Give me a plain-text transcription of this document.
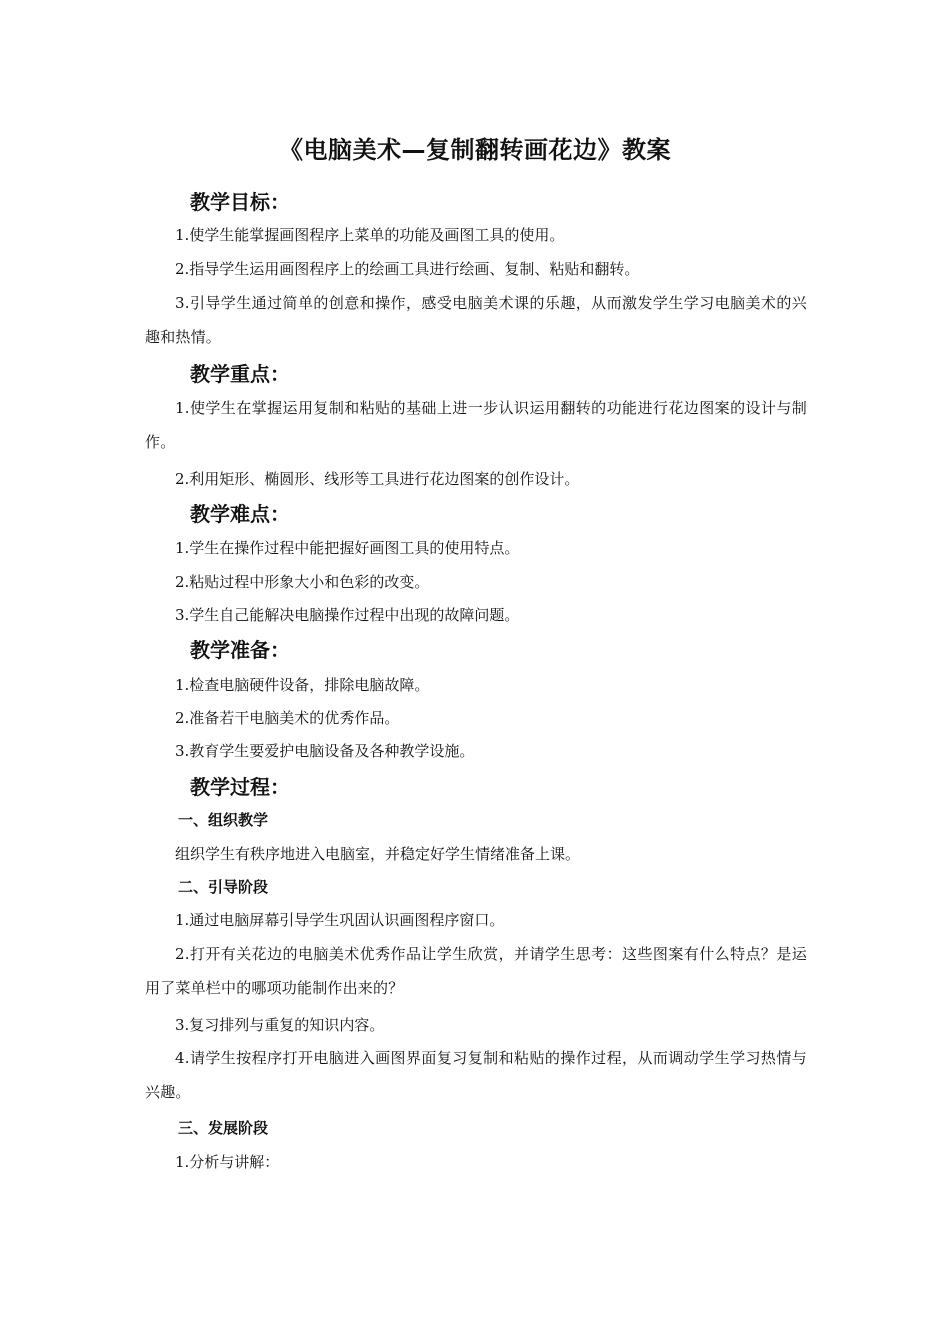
《电脑美术—复制翻转画花边》教案
教学目标：
1.使学生能掌握画图程序上菜单的功能及画图工具的使用。
2.指导学生运用画图程序上的绘画工具进行绘画、复制、粘贴和翻转。
3.引导学生通过简单的创意和操作，感受电脑美术课的乐趣，从而激发学生学习电脑美术的兴趣和热情。
教学重点：
1.使学生在掌握运用复制和粘贴的基础上进一步认识运用翻转的功能进行花边图案的设计与制作。
2.利用矩形、椭圆形、线形等工具进行花边图案的创作设计。
教学难点：
1.学生在操作过程中能把握好画图工具的使用特点。
2.粘贴过程中形象大小和色彩的改变。
3.学生自己能解决电脑操作过程中出现的故障问题。
教学准备：
1.检查电脑硬件设备，排除电脑故障。
2.准备若干电脑美术的优秀作品。
3.教育学生要爱护电脑设备及各种教学设施。
教学过程：
一、组织教学
组织学生有秩序地进入电脑室，并稳定好学生情绪准备上课。
二、引导阶段
1.通过电脑屏幕引导学生巩固认识画图程序窗口。
2.打开有关花边的电脑美术优秀作品让学生欣赏，并请学生思考：这些图案有什么特点？是运用了菜单栏中的哪项功能制作出来的？
3.复习排列与重复的知识内容。
4.请学生按程序打开电脑进入画图界面复习复制和粘贴的操作过程，从而调动学生学习热情与兴趣。
三、发展阶段
1.分析与讲解：
